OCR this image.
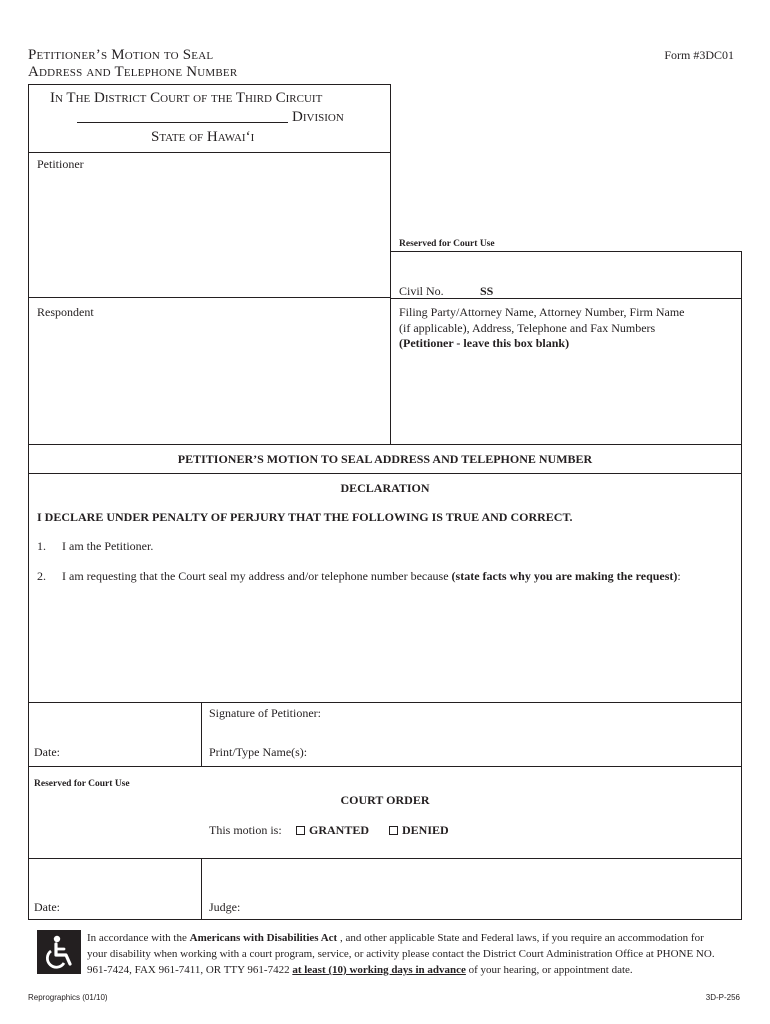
Petitioner’s Motion to Seal
Address and Telephone Number
Form #3DC01
In The District Court of the Third Circuit
Division
State of Hawai‘i
Petitioner
Respondent
Reserved for Court Use
Civil No.	SS
Filing Party/Attorney Name, Attorney Number, Firm Name
(if applicable), Address, Telephone and Fax Numbers
(Petitioner - leave this box blank)
PETITIONER’S MOTION TO SEAL ADDRESS AND TELEPHONE NUMBER
DECLARATION
I DECLARE UNDER PENALTY OF PERJURY THAT THE FOLLOWING IS TRUE AND CORRECT.
1. I am the Petitioner.
2. I am requesting that the Court seal my address and/or telephone number because (state facts why you are making the request):
Signature of Petitioner:
Date:	Print/Type Name(s):
Reserved for Court Use
COURT ORDER
This motion is:	GRANTED	DENIED
Date:	Judge:
In accordance with the Americans with Disabilities Act , and other applicable State and Federal laws, if you require an accommodation for
your disability when working with a court program, service, or activity please contact the District Court Administration Office at PHONE NO.
961-7424, FAX 961-7411, OR TTY 961-7422 at least (10) working days in advance of your hearing, or appointment date.
Reprographics (01/10)	3D-P-256
